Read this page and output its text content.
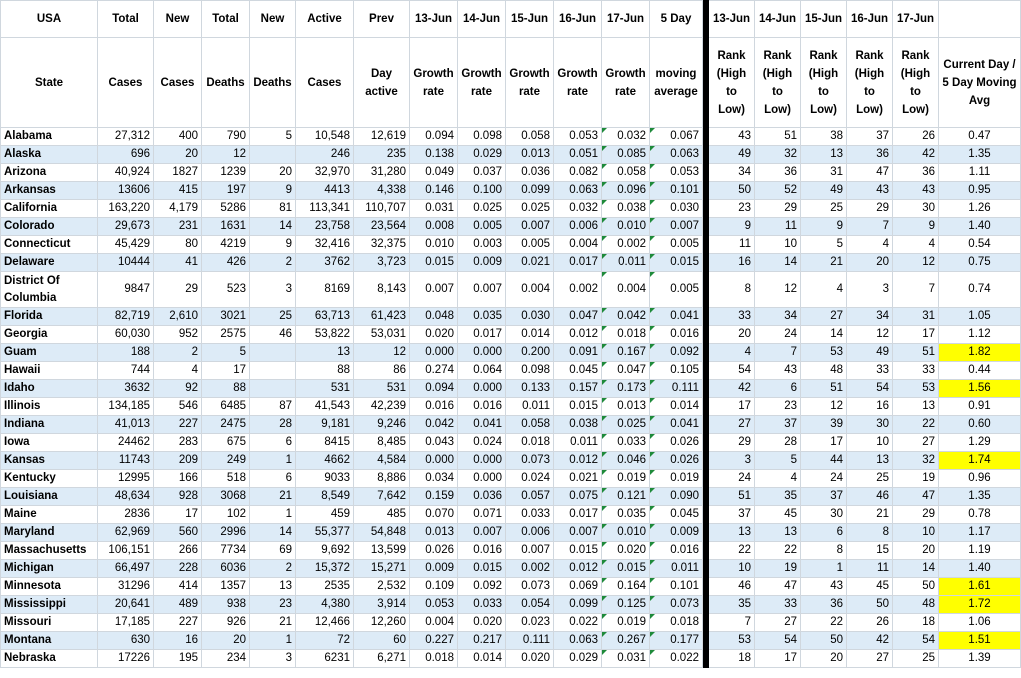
USA	Total	New	Total	New	Active	Prev	13-Jun	14-Jun	15-Jun	16-Jun	17-Jun	5 Day		13-Jun	14-Jun	15-Jun	16-Jun	17-Jun	
State	Cases	Cases	Deaths	Deaths	Cases	Day active	Growth rate	Growth rate	Growth rate	Growth rate	Growth rate	moving average		Rank (High to Low)	Rank (High to Low)	Rank (High to Low)	Rank (High to Low)	Rank (High to Low)	Current Day / 5 Day Moving Avg
Alabama	27,312	400	790	5	10,548	12,619	0.094	0.098	0.058	0.053	0.032	0.067		43	51	38	37	26	0.47
Alaska	696	20	12		246	235	0.138	0.029	0.013	0.051	0.085	0.063		49	32	13	36	42	1.35
Arizona	40,924	1827	1239	20	32,970	31,280	0.049	0.037	0.036	0.082	0.058	0.053		34	36	31	47	36	1.11
Arkansas	13606	415	197	9	4413	4,338	0.146	0.100	0.099	0.063	0.096	0.101		50	52	49	43	43	0.95
California	163,220	4,179	5286	81	113,341	110,707	0.031	0.025	0.025	0.032	0.038	0.030		23	29	25	29	30	1.26
Colorado	29,673	231	1631	14	23,758	23,564	0.008	0.005	0.007	0.006	0.010	0.007		9	11	9	7	9	1.40
Connecticut	45,429	80	4219	9	32,416	32,375	0.010	0.003	0.005	0.004	0.002	0.005		11	10	5	4	4	0.54
Delaware	10444	41	426	2	3762	3,723	0.015	0.009	0.021	0.017	0.011	0.015		16	14	21	20	12	0.75
District Of Columbia	9847	29	523	3	8169	8,143	0.007	0.007	0.004	0.002	0.004	0.005		8	12	4	3	7	0.74
Florida	82,719	2,610	3021	25	63,713	61,423	0.048	0.035	0.030	0.047	0.042	0.041		33	34	27	34	31	1.05
Georgia	60,030	952	2575	46	53,822	53,031	0.020	0.017	0.014	0.012	0.018	0.016		20	24	14	12	17	1.12
Guam	188	2	5		13	12	0.000	0.000	0.200	0.091	0.167	0.092		4	7	53	49	51	1.82
Hawaii	744	4	17		88	86	0.274	0.064	0.098	0.045	0.047	0.105		54	43	48	33	33	0.44
Idaho	3632	92	88		531	531	0.094	0.000	0.133	0.157	0.173	0.111		42	6	51	54	53	1.56
Illinois	134,185	546	6485	87	41,543	42,239	0.016	0.016	0.011	0.015	0.013	0.014		17	23	12	16	13	0.91
Indiana	41,013	227	2475	28	9,181	9,246	0.042	0.041	0.058	0.038	0.025	0.041		27	37	39	30	22	0.60
Iowa	24462	283	675	6	8415	8,485	0.043	0.024	0.018	0.011	0.033	0.026		29	28	17	10	27	1.29
Kansas	11743	209	249	1	4662	4,584	0.000	0.000	0.073	0.012	0.046	0.026		3	5	44	13	32	1.74
Kentucky	12995	166	518	6	9033	8,886	0.034	0.000	0.024	0.021	0.019	0.019		24	4	24	25	19	0.96
Louisiana	48,634	928	3068	21	8,549	7,642	0.159	0.036	0.057	0.075	0.121	0.090		51	35	37	46	47	1.35
Maine	2836	17	102	1	459	485	0.070	0.071	0.033	0.017	0.035	0.045		37	45	30	21	29	0.78
Maryland	62,969	560	2996	14	55,377	54,848	0.013	0.007	0.006	0.007	0.010	0.009		13	13	6	8	10	1.17
Massachusetts	106,151	266	7734	69	9,692	13,599	0.026	0.016	0.007	0.015	0.020	0.016		22	22	8	15	20	1.19
Michigan	66,497	228	6036	2	15,372	15,271	0.009	0.015	0.002	0.012	0.015	0.011		10	19	1	11	14	1.40
Minnesota	31296	414	1357	13	2535	2,532	0.109	0.092	0.073	0.069	0.164	0.101		46	47	43	45	50	1.61
Mississippi	20,641	489	938	23	4,380	3,914	0.053	0.033	0.054	0.099	0.125	0.073		35	33	36	50	48	1.72
Missouri	17,185	227	926	21	12,466	12,260	0.004	0.020	0.023	0.022	0.019	0.018		7	27	22	26	18	1.06
Montana	630	16	20	1	72	60	0.227	0.217	0.111	0.063	0.267	0.177		53	54	50	42	54	1.51
Nebraska	17226	195	234	3	6231	6,271	0.018	0.014	0.020	0.029	0.031	0.022		18	17	20	27	25	1.39
